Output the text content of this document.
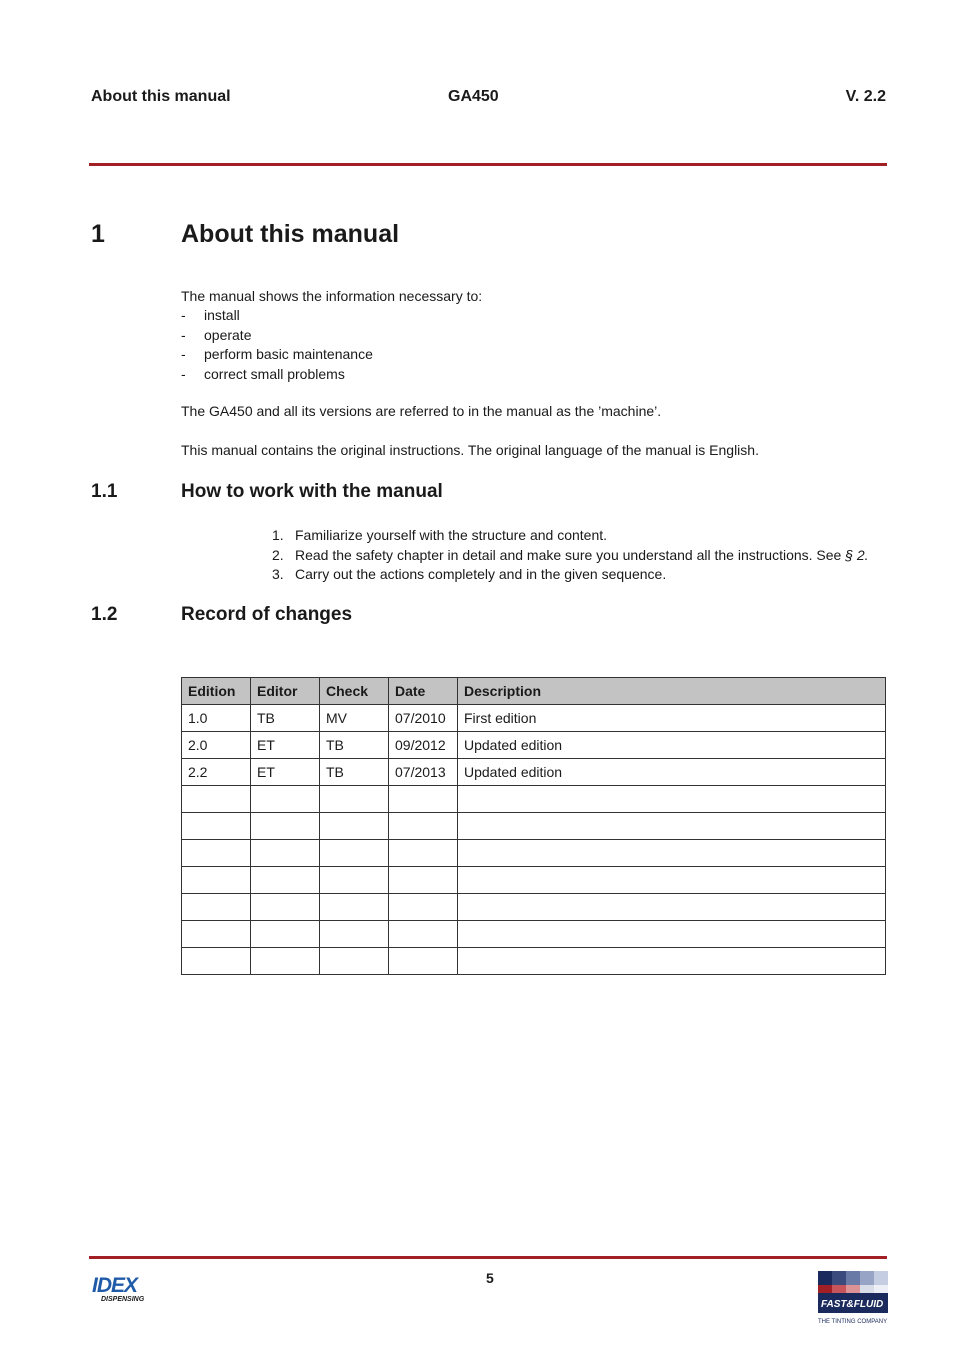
About this manual	GA450	V. 2.2
1	About this manual
The manual shows the information necessary to:
- install
- operate
- perform basic maintenance
- correct small problems
The GA450 and all its versions are referred to in the manual as the ’machine’.
This manual contains the original instructions. The original language of the manual is English.
1.1	How to work with the manual
1. Familiarize yourself with the structure and content.
2. Read the safety chapter in detail and make sure you understand all the instructions. See § 2.
3. Carry out the actions completely and in the given sequence.
1.2	Record of changes
Edition	Editor	Check	Date	Description
1.0	TB	MV	07/2010	First edition
2.0	ET	TB	09/2012	Updated edition
2.2	ET	TB	07/2013	Updated edition

5
IDEX
DISPENSING	FAST&FLUID
THE TINTING COMPANY
